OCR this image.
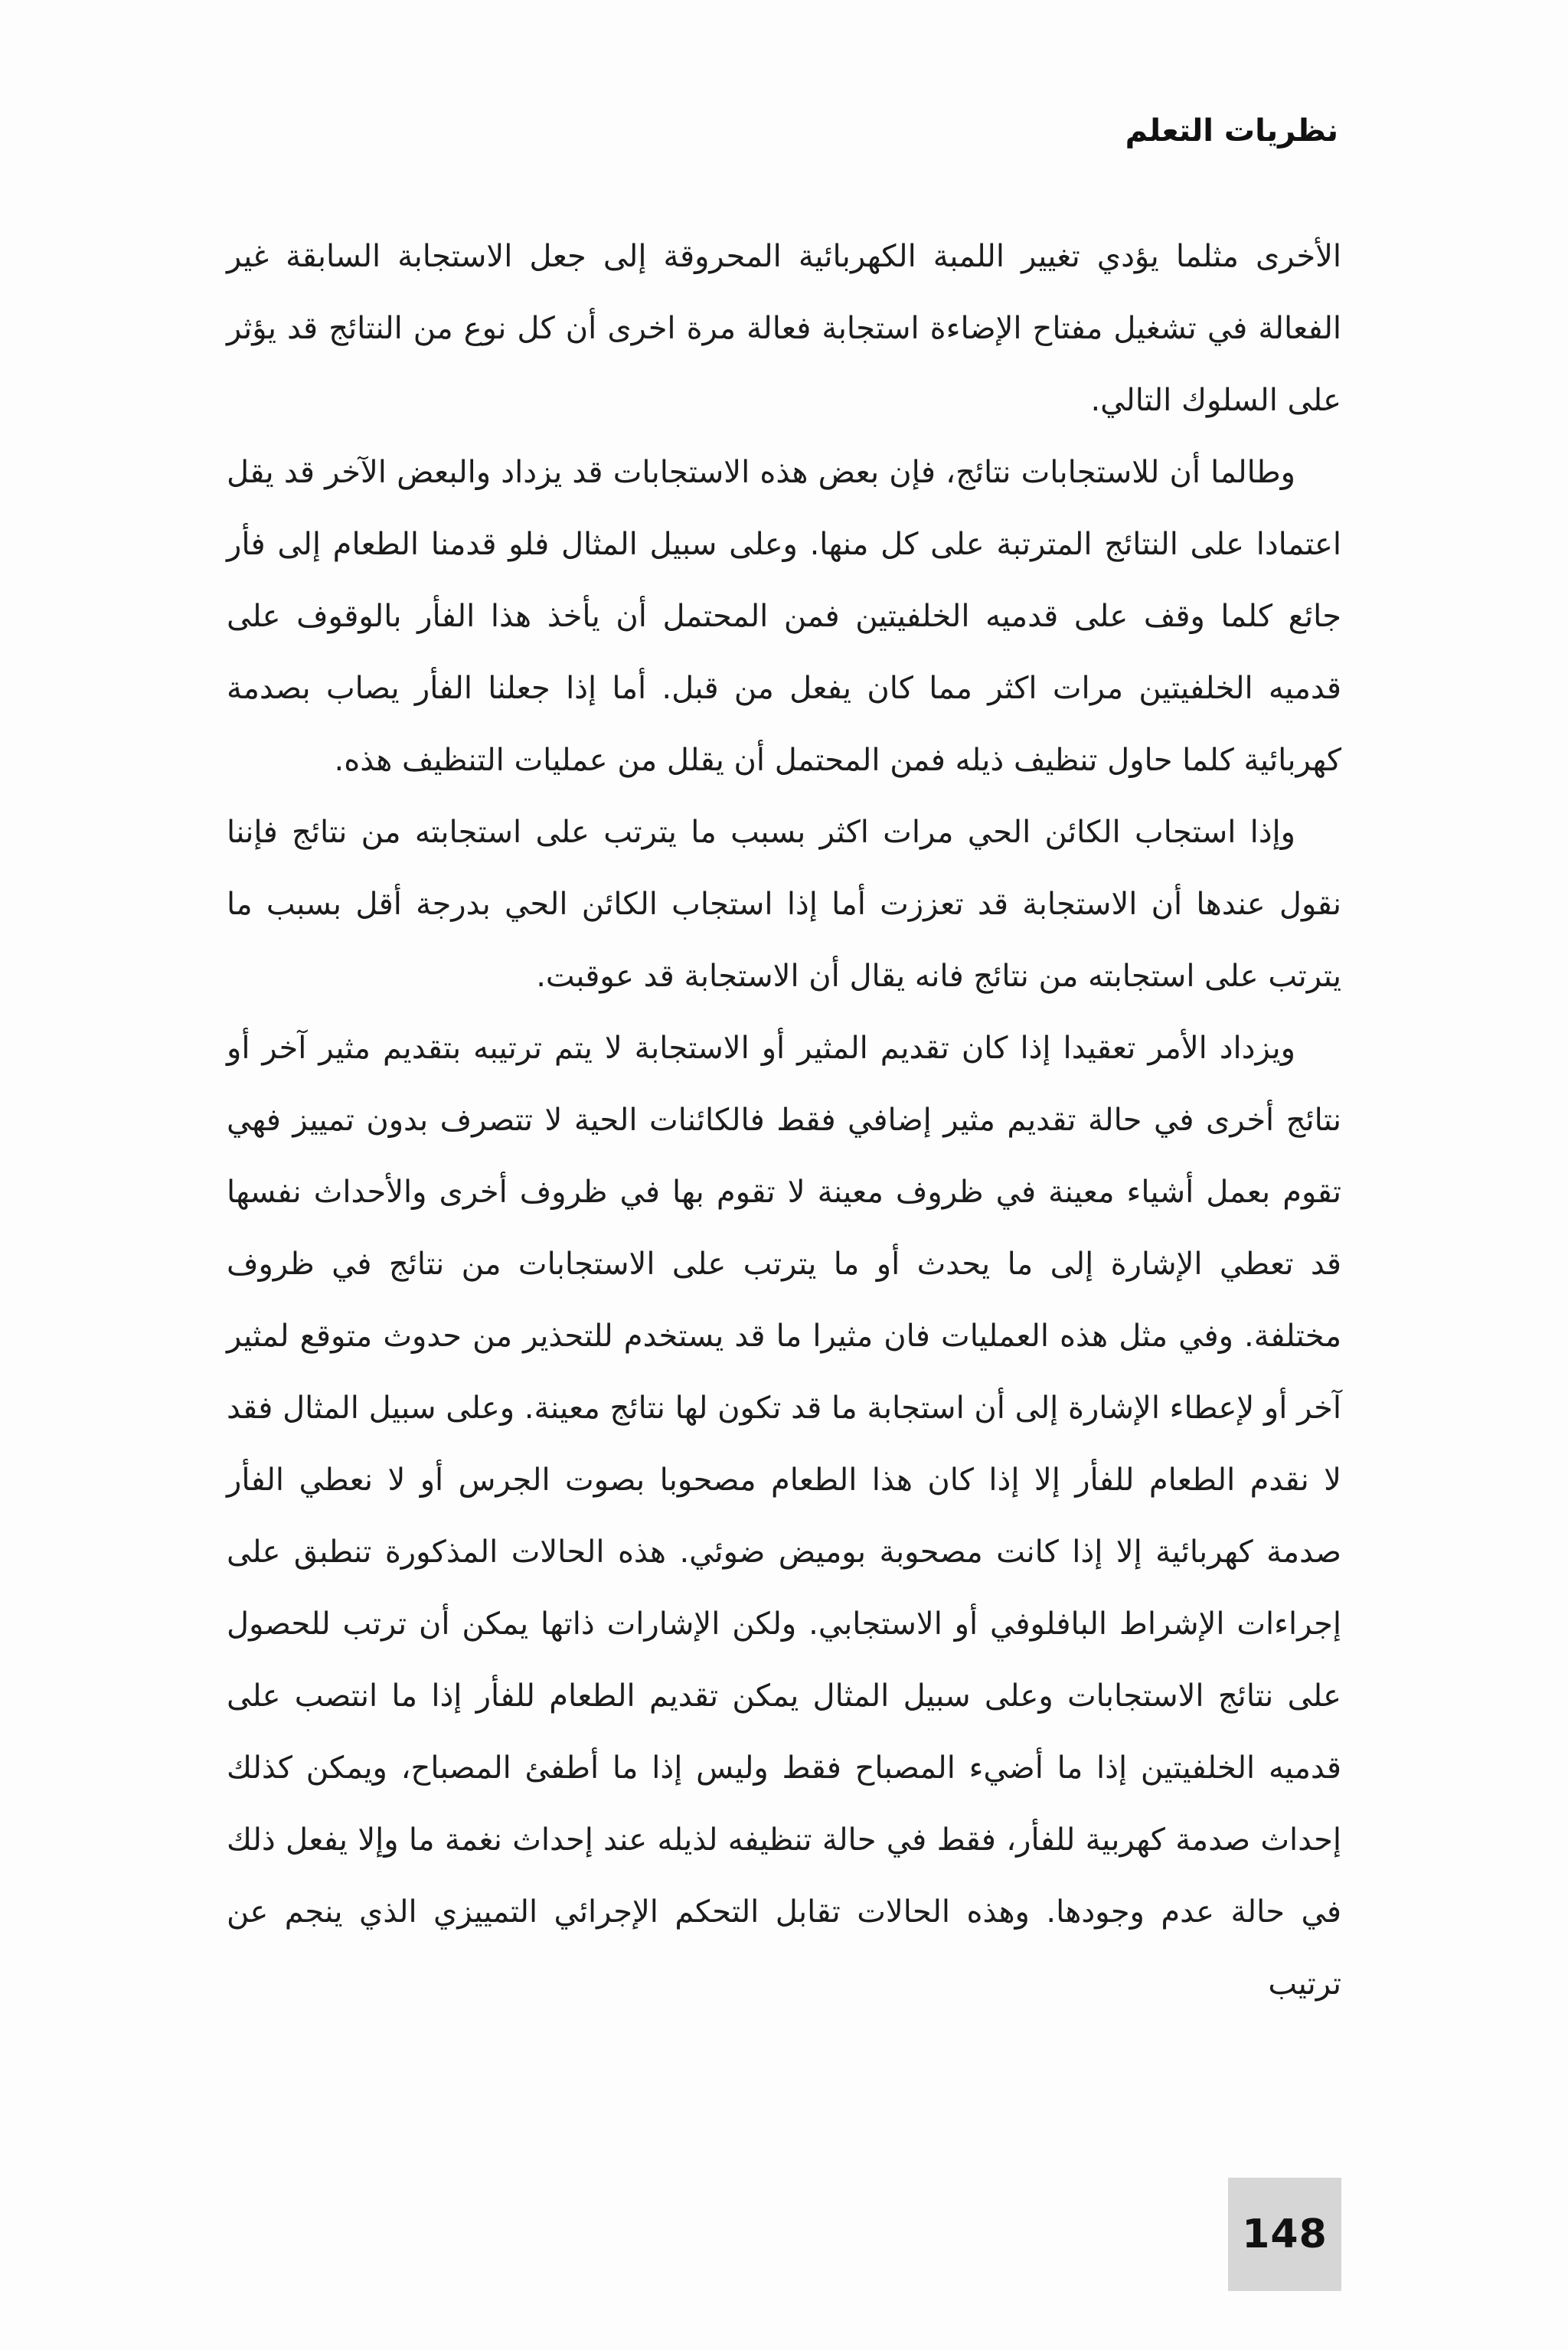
نظريات التعلم

الأخرى مثلما يؤدي تغيير اللمبة الكهربائية المحروقة إلى جعل الاستجابة السابقة غير الفعالة في تشغيل مفتاح الإضاءة استجابة فعالة مرة اخرى أن كل نوع من النتائج قد يؤثر على السلوك التالي.

وطالما أن للاستجابات نتائج، فإن بعض هذه الاستجابات قد يزداد والبعض الآخر قد يقل اعتمادا على النتائج المترتبة على كل منها. وعلى سبيل المثال فلو قدمنا الطعام إلى فأر جائع كلما وقف على قدميه الخلفيتين فمن المحتمل أن يأخذ هذا الفأر بالوقوف على قدميه الخلفيتين مرات اكثر مما كان يفعل من قبل. أما إذا جعلنا الفأر يصاب بصدمة كهربائية كلما حاول تنظيف ذيله فمن المحتمل أن يقلل من عمليات التنظيف هذه.

وإذا استجاب الكائن الحي مرات اكثر بسبب ما يترتب على استجابته من نتائج فإننا نقول عندها أن الاستجابة قد تعززت أما إذا استجاب الكائن الحي بدرجة أقل بسبب ما يترتب على استجابته من نتائج فانه يقال أن الاستجابة قد عوقبت.

ويزداد الأمر تعقيدا إذا كان تقديم المثير أو الاستجابة لا يتم ترتيبه بتقديم مثير آخر أو نتائج أخرى في حالة تقديم مثير إضافي فقط فالكائنات الحية لا تتصرف بدون تمييز فهي تقوم بعمل أشياء معينة في ظروف معينة لا تقوم بها في ظروف أخرى والأحداث نفسها قد تعطي الإشارة إلى ما يحدث أو ما يترتب على الاستجابات من نتائج في ظروف مختلفة. وفي مثل هذه العمليات فان مثيرا ما قد يستخدم للتحذير من حدوث متوقع لمثير آخر أو لإعطاء الإشارة إلى أن استجابة ما قد تكون لها نتائج معينة. وعلى سبيل المثال فقد لا نقدم الطعام للفأر إلا إذا كان هذا الطعام مصحوبا بصوت الجرس أو لا نعطي الفأر صدمة كهربائية إلا إذا كانت مصحوبة بوميض ضوئي. هذه الحالات المذكورة تنطبق على إجراءات الإشراط البافلوفي أو الاستجابي. ولكن الإشارات ذاتها يمكن أن ترتب للحصول على نتائج الاستجابات وعلى سبيل المثال يمكن تقديم الطعام للفأر إذا ما انتصب على قدميه الخلفيتين إذا ما أضيء المصباح فقط وليس إذا ما أطفئ المصباح، ويمكن كذلك إحداث صدمة كهربية للفأر، فقط في حالة تنظيفه لذيله عند إحداث نغمة ما وإلا يفعل ذلك في حالة عدم وجودها. وهذه الحالات تقابل التحكم الإجرائي التمييزي الذي ينجم عن ترتيب

148
